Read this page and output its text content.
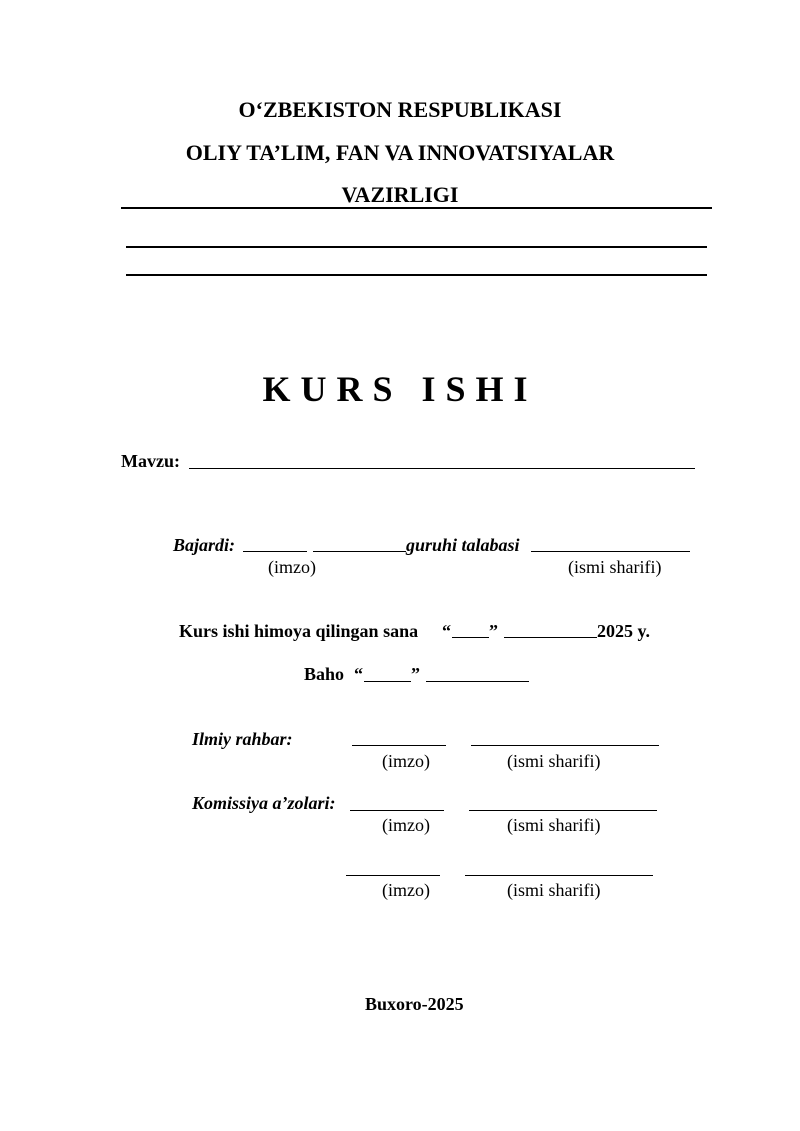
O‘ZBEKISTON RESPUBLIKASI
OLIY TA’LIM, FAN VA INNOVATSIYALAR
VAZIRLIGI
KURS ISHI
Mavzu:
Bajardi:	guruhi talabasi
(imzo)	(ismi sharifi)
Kurs ishi himoya qilingan sana “ ”	2025 y.
Baho “	”
Ilmiy rahbar:
(imzo)	(ismi sharifi)
Komissiya a’zolari:
(imzo)	(ismi sharifi)
(imzo)	(ismi sharifi)
Buxoro-2025
